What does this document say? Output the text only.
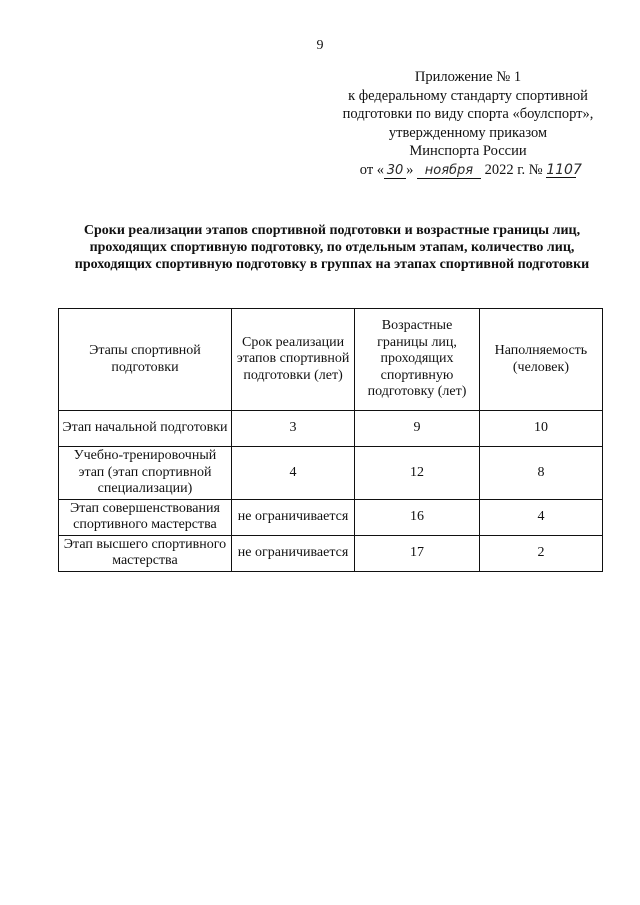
9
Приложение № 1
к федеральному стандарту спортивной
подготовки по виду спорта «боулспорт»,
утвержденному приказом
Минспорта России
от « 30 » ноября 2022 г. № 1107
Сроки реализации этапов спортивной подготовки и возрастные границы лиц, проходящих спортивную подготовку, по отдельным этапам, количество лиц, проходящих спортивную подготовку в группах на этапах спортивной подготовки
Этапы спортивной подготовки	Срок реализации этапов спортивной подготовки (лет)	Возрастные границы лиц, проходящих спортивную подготовку (лет)	Наполняемость (человек)
Этап начальной подготовки	3	9	10
Учебно-тренировочный этап (этап спортивной специализации)	4	12	8
Этап совершенствования спортивного мастерства	не ограничивается	16	4
Этап высшего спортивного мастерства	не ограничивается	17	2
